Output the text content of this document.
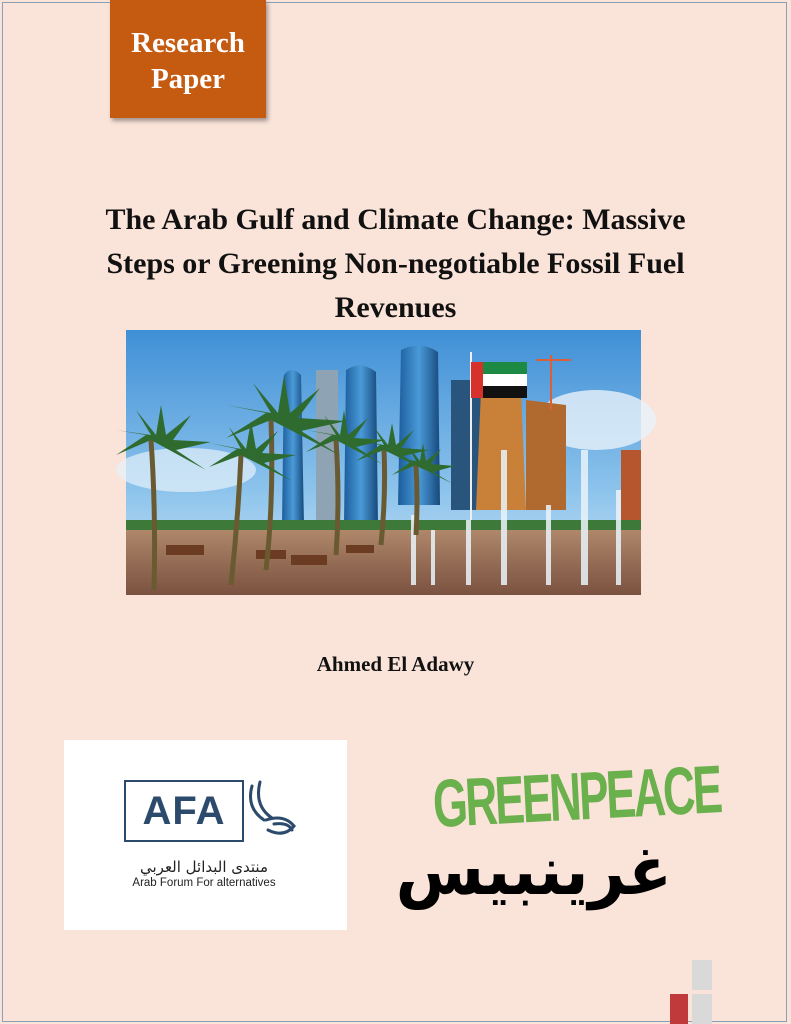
Research
Paper
The Arab Gulf and Climate Change: Massive
Steps or Greening Non-negotiable Fossil Fuel
Revenues
Ahmed El Adawy
AFA
منتدى البدائل العربي
Arab Forum For alternatives
GREENPEACE
غرينبيس
